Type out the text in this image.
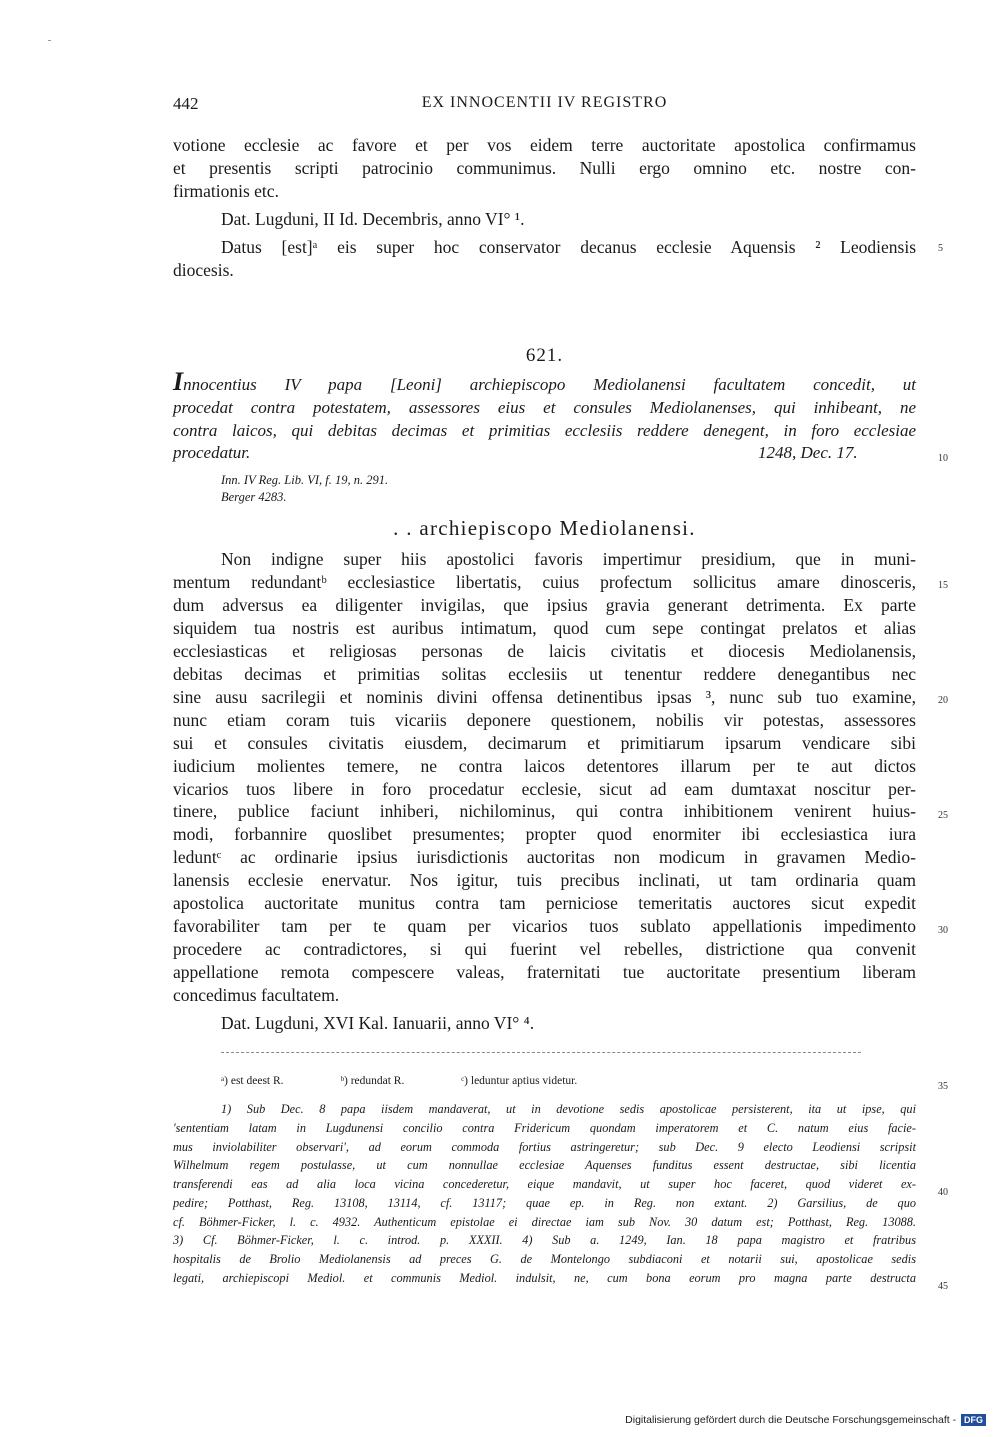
442	EX INNOCENTII IV REGISTRO
votione ecclesie ac favore et per vos eidem terre auctoritate apostolica confirmamus
et presentis scripti patrocinio communimus. Nulli ergo omnino etc. nostre con-
firmationis etc.
Dat. Lugduni, II Id. Decembris, anno VI° ¹.
Datus [est]ᵃ eis super hoc conservator decanus ecclesie Aquensis ² Leodiensis
diocesis.
621.
Innocentius IV papa [Leoni] archiepiscopo Mediolanensi facultatem concedit, ut
procedat contra potestatem, assessores eius et consules Mediolanenses, qui inhibeant, ne
contra laicos, qui debitas decimas et primitias ecclesiis reddere denegent, in foro ecclesiae
procedatur.	1248, Dec. 17.
Inn. IV Reg. Lib. VI, f. 19, n. 291.
Berger 4283.
. . archiepiscopo Mediolanensi.
Non indigne super hiis apostolici favoris impertimur presidium, que in muni-
mentum redundantᵇ ecclesiastice libertatis, cuius profectum sollicitus amare dinosceris,
dum adversus ea diligenter invigilas, que ipsius gravia generant detrimenta. Ex parte
siquidem tua nostris est auribus intimatum, quod cum sepe contingat prelatos et alias
ecclesiasticas et religiosas personas de laicis civitatis et diocesis Mediolanensis,
debitas decimas et primitias solitas ecclesiis ut tenentur reddere denegantibus nec
sine ausu sacrilegii et nominis divini offensa detinentibus ipsas ³, nunc sub tuo examine,
nunc etiam coram tuis vicariis deponere questionem, nobilis vir potestas, assessores
sui et consules civitatis eiusdem, decimarum et primitiarum ipsarum vendicare sibi
iudicium molientes temere, ne contra laicos detentores illarum per te aut dictos
vicarios tuos libere in foro procedatur ecclesie, sicut ad eam dumtaxat noscitur per-
tinere, publice faciunt inhiberi, nichilominus, qui contra inhibitionem venirent huius-
modi, forbannire quoslibet presumentes; propter quod enormiter ibi ecclesiastica iura
leduntᶜ ac ordinarie ipsius iurisdictionis auctoritas non modicum in gravamen Medio-
lanensis ecclesie enervatur. Nos igitur, tuis precibus inclinati, ut tam ordinaria quam
apostolica auctoritate munitus contra tam perniciose temeritatis auctores sicut expedit
favorabiliter tam per te quam per vicarios tuos sublato appellationis impedimento
procedere ac contradictores, si qui fuerint vel rebelles, districtione qua convenit
appellatione remota compescere valeas, fraternitati tue auctoritate presentium liberam
concedimus facultatem.
Dat. Lugduni, XVI Kal. Ianuarii, anno VI° ⁴.
ᵃ) est deest R.	ᵇ) redundat R.	ᶜ) leduntur aptius videtur.
1) Sub Dec. 8 papa iisdem mandaverat, ut in devotione sedis apostolicae persisterent, ita ut ipse, qui
'sententiam latam in Lugdunensi concilio contra Fridericum quondam imperatorem et C. natum eius facie-
mus inviolabiliter observari', ad eorum commoda fortius astringeretur; sub Dec. 9 electo Leodiensi scripsit
Wilhelmum regem postulasse, ut cum nonnullae ecclesiae Aquenses funditus essent destructae, sibi licentia
transferendi eas ad alia loca vicina concederetur, eique mandavit, ut super hoc faceret, quod videret ex-
pedire; Potthast, Reg. 13108, 13114, cf. 13117; quae ep. in Reg. non extant. 2) Garsilius, de quo
cf. Böhmer-Ficker, l. c. 4932. Authenticum epistolae ei directae iam sub Nov. 30 datum est; Potthast, Reg. 13088.
3) Cf. Böhmer-Ficker, l. c. introd. p. XXXII. 4) Sub a. 1249, Ian. 18 papa magistro et fratribus
hospitalis de Brolio Mediolanensis ad preces G. de Montelongo subdiaconi et notarii sui, apostolicae sedis
legati, archiepiscopi Mediol. et communis Mediol. indulsit, ne, cum bona eorum pro magna parte destructa
5
10
15
20
25
30
35
40
45
Digitalisierung gefördert durch die Deutsche Forschungsgemeinschaft - DFG
